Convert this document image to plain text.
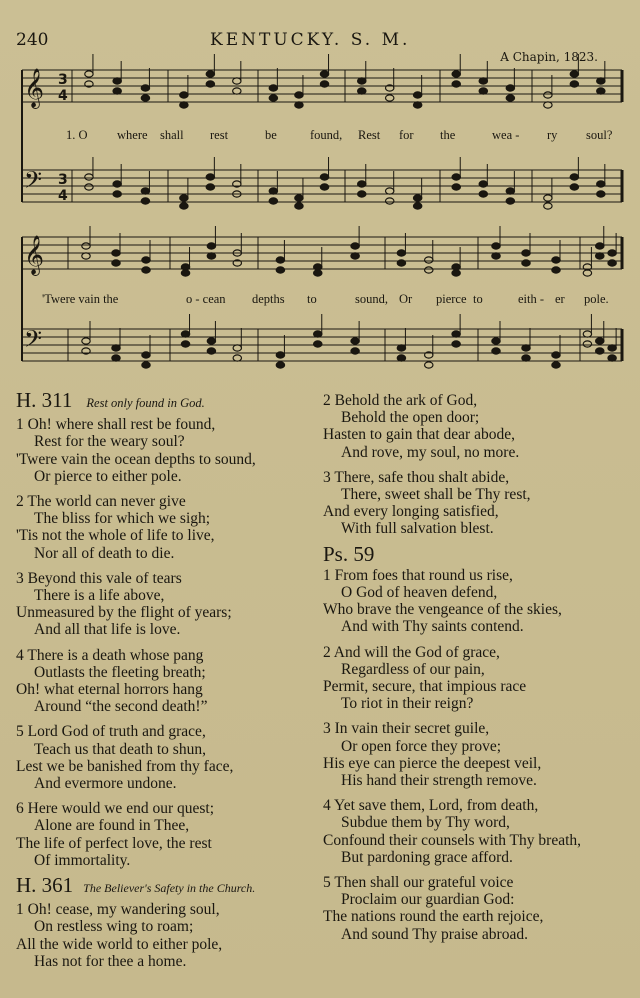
240	KENTUCKY. S. M.
A Chapin, 1823.
𝄞 3
4
𝄢 3
4
𝄞
𝄢
1. O where shall rest	be	found, Rest for the	wea - ry soul?
'Twere vain the	o - cean depths to	sound, Or pierce to	eith - er pole.
H. 311 Rest only found in God.
1 Oh! where shall rest be found,
Rest for the weary soul?
'Twere vain the ocean depths to sound,
Or pierce to either pole.
2 The world can never give
The bliss for which we sigh;
'Tis not the whole of life to live,
Nor all of death to die.
3 Beyond this vale of tears
There is a life above,
Unmeasured by the flight of years;
And all that life is love.
4 There is a death whose pang
Outlasts the fleeting breath;
Oh! what eternal horrors hang
Around “the second death!”
5 Lord God of truth and grace,
Teach us that death to shun,
Lest we be banished from thy face,
And evermore undone.
6 Here would we end our quest;
Alone are found in Thee,
The life of perfect love, the rest
Of immortality.
H. 361 The Believer's Safety in the Church.
1 Oh! cease, my wandering soul,
On restless wing to roam;
All the wide world to either pole,
Has not for thee a home.
2 Behold the ark of God,
Behold the open door;
Hasten to gain that dear abode,
And rove, my soul, no more.
3 There, safe thou shalt abide,
There, sweet shall be Thy rest,
And every longing satisfied,
With full salvation blest.
Ps. 59
1 From foes that round us rise,
O God of heaven defend,
Who brave the vengeance of the skies,
And with Thy saints contend.
2 And will the God of grace,
Regardless of our pain,
Permit, secure, that impious race
To riot in their reign?
3 In vain their secret guile,
Or open force they prove;
His eye can pierce the deepest veil,
His hand their strength remove.
4 Yet save them, Lord, from death,
Subdue them by Thy word,
Confound their counsels with Thy breath,
But pardoning grace afford.
5 Then shall our grateful voice
Proclaim our guardian God:
The nations round the earth rejoice,
And sound Thy praise abroad.
